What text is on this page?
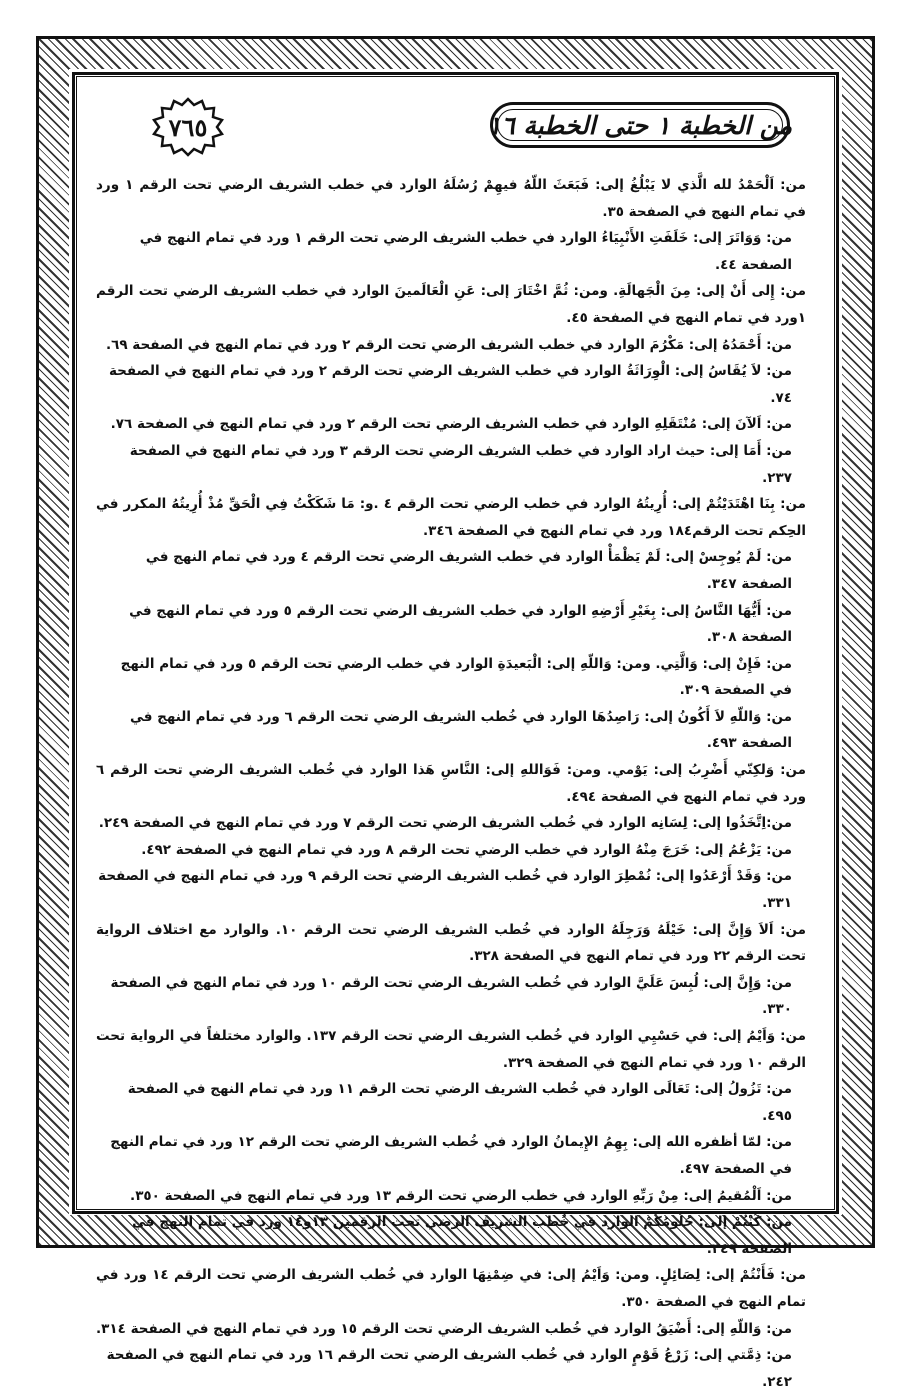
٧٦٥	من الخطبة ١ حتى الخطبة ١٦

من: اَلْحَمْدُ لله الَّذي لا يَبْلُغُ إلى: فَبَعَثَ اللّهُ فيهِمْ رُسُلَهُ الوارد في خطب الشريف الرضي تحت الرقم ١ ورد في تمام النهج في الصفحة ٣٥.

من: وَوَاتَرَ إلى: خَلَفَتِ الأَنْبِيَاءُ الوارد في خطب الشريف الرضي تحت الرقم ١ ورد في تمام النهج في الصفحة ٤٤.

من: إِلى أَنْ إلى: مِنَ الْجَهالَةِ. ومن: ثُمَّ اخْتَارَ إلى: عَنِ الْعَالَمينَ الوارد في خطب الشريف الرضي تحت الرقم ١ورد في تمام النهج في الصفحة ٤٥.

من: أَحْمَدُهُ إلى: مَكْرُمَ الوارد في خطب الشريف الرضي تحت الرقم ٢ ورد في تمام النهج في الصفحة ٦٩.

من: لاَ يُقَاسُ إلى: الْوِرَاثَةُ الوارد في خطب الشريف الرضي تحت الرقم ٢ ورد في تمام النهج في الصفحة ٧٤.

من: اَلآنَ إلى: مُنْتَقَلِهِ الوارد في خطب الشريف الرضي تحت الرقم ٢ ورد في تمام النهج في الصفحة ٧٦.

من: أَمَا إلى: حيث اراد الوارد في خطب الشريف الرضي تحت الرقم ٣ ورد في تمام النهج في الصفحة ٢٣٧.

من: بِنَا اهْتَدَيْتُمْ إلى: أُرِيتُهُ الوارد في خطب الرضي تحت الرقم ٤ .و: مَا شَكَكْتُ فِي الْحَقِّ مُذْ أُرِيتُهُ المكرر في الحِكم تحت الرقم١٨٤ ورد في تمام النهج في الصفحة ٣٤٦.

من: لَمْ يُوجِسْ إلى: لَمْ يَظْمَأْ الوارد في خطب الشريف الرضي تحت الرقم ٤ ورد في تمام النهج في الصفحة ٣٤٧.

من: أَيُّهَا النَّاسُ إلى: بِغَيْرِ أَرْضِهِ الوارد في خطب الشريف الرضي تحت الرقم ٥ ورد في تمام النهج في الصفحة ٣٠٨.

من: فَإِنْ إلى: وَالَّتِي. ومن: وَاللّهِ إلى: الْبَعيدَةِ الوارد في خطب الرضي تحت الرقم ٥ ورد في تمام النهج في الصفحة ٣٠٩.

من: وَاللّهِ لاَ أَكُونُ إلى: رَاصِدُهَا الوارد في خُطب الشريف الرضي تحت الرقم ٦ ورد في تمام النهج في الصفحة ٤٩٣.

من: وَلكِنّي أَضْرِبُ إلى: يَوْمي. ومن: فَوَاللهِ إلى: النَّاسِ هَذا الوارد في خُطب الشريف الرضي تحت الرقم ٦ ورد في تمام النهج في الصفحة ٤٩٤.

من:اِتَّخَذُوا إلى: لِسَانِه الوارد في خُطب الشريف الرضي تحت الرقم ٧ ورد في تمام النهج في الصفحة ٢٤٩.

من: يَزْعُمُ إلى: خَرَجَ مِنْهُ الوارد في خطب الرضي تحت الرقم ٨ ورد في تمام النهج في الصفحة ٤٩٢.

من: وَقَدْ أَرْعَدُوا إلى: نُمْطِرَ الوارد في خُطب الشريف الرضي تحت الرقم ٩ ورد في تمام النهج في الصفحة ٣٣١.

من: اَلاَ وَإِنَّ إلى: خَيْلَهُ وَرَجِلَهُ الوارد في خُطب الشريف الرضي تحت الرقم ١٠. والوارد مع اختلاف الرواية تحت الرقم ٢٢ ورد في تمام النهج في الصفحة ٣٢٨.

من: وَإِنَّ إلى: لُبِسَ عَلَيَّ الوارد في خُطب الشريف الرضي تحت الرقم ١٠ ورد في تمام النهج في الصفحة ٣٣٠.

من: وَاَيْمُ إلى: في حَسْيِي الوارد في خُطب الشريف الرضي تحت الرقم ١٣٧. والوارد مختلفاً في الرواية تحت الرقم ١٠ ورد في تمام النهج في الصفحة ٣٢٩.

من: تَزُولُ إلى: تَعَالَى الوارد في خُطب الشريف الرضي تحت الرقم ١١ ورد في تمام النهج في الصفحة ٤٩٥.

من: لمّا أظفره الله إلى: بِهِمُ الإِيمانُ الوارد في خُطب الشريف الرضي تحت الرقم ١٢ ورد في تمام النهج في الصفحة ٤٩٧.

من: اَلْمُقيمُ إلى: مِنْ رَبِّهِ الوارد في خطب الرضي تحت الرقم ١٣ ورد في تمام النهج في الصفحة ٣٥٠.

من: كُنْتُمْ إلى: حُلُومُكُمْ الوارد في خُطب الشريف الرضي تحت الرقمين ١٣و١٤ ورد في تمام النهج في الصفحة ٣٤٩.

من: فَأَنْتُمْ إلى: لِصَائِلٍ. ومن: وَاَيْمُ إلى: في ضِمْنِهَا الوارد في خُطب الشريف الرضي تحت الرقم ١٤ ورد في تمام النهج في الصفحة ٣٥٠.

من: وَاللّهِ إلى: أَضْيَقُ الوارد في خُطب الشريف الرضي تحت الرقم ١٥ ورد في تمام النهج في الصفحة ٣١٤.

من: ذِمَّتي إلى: زَرْعُ قَوْمٍ الوارد في خُطب الشريف الرضي تحت الرقم ١٦ ورد في تمام النهج في الصفحة ٢٤٢.
